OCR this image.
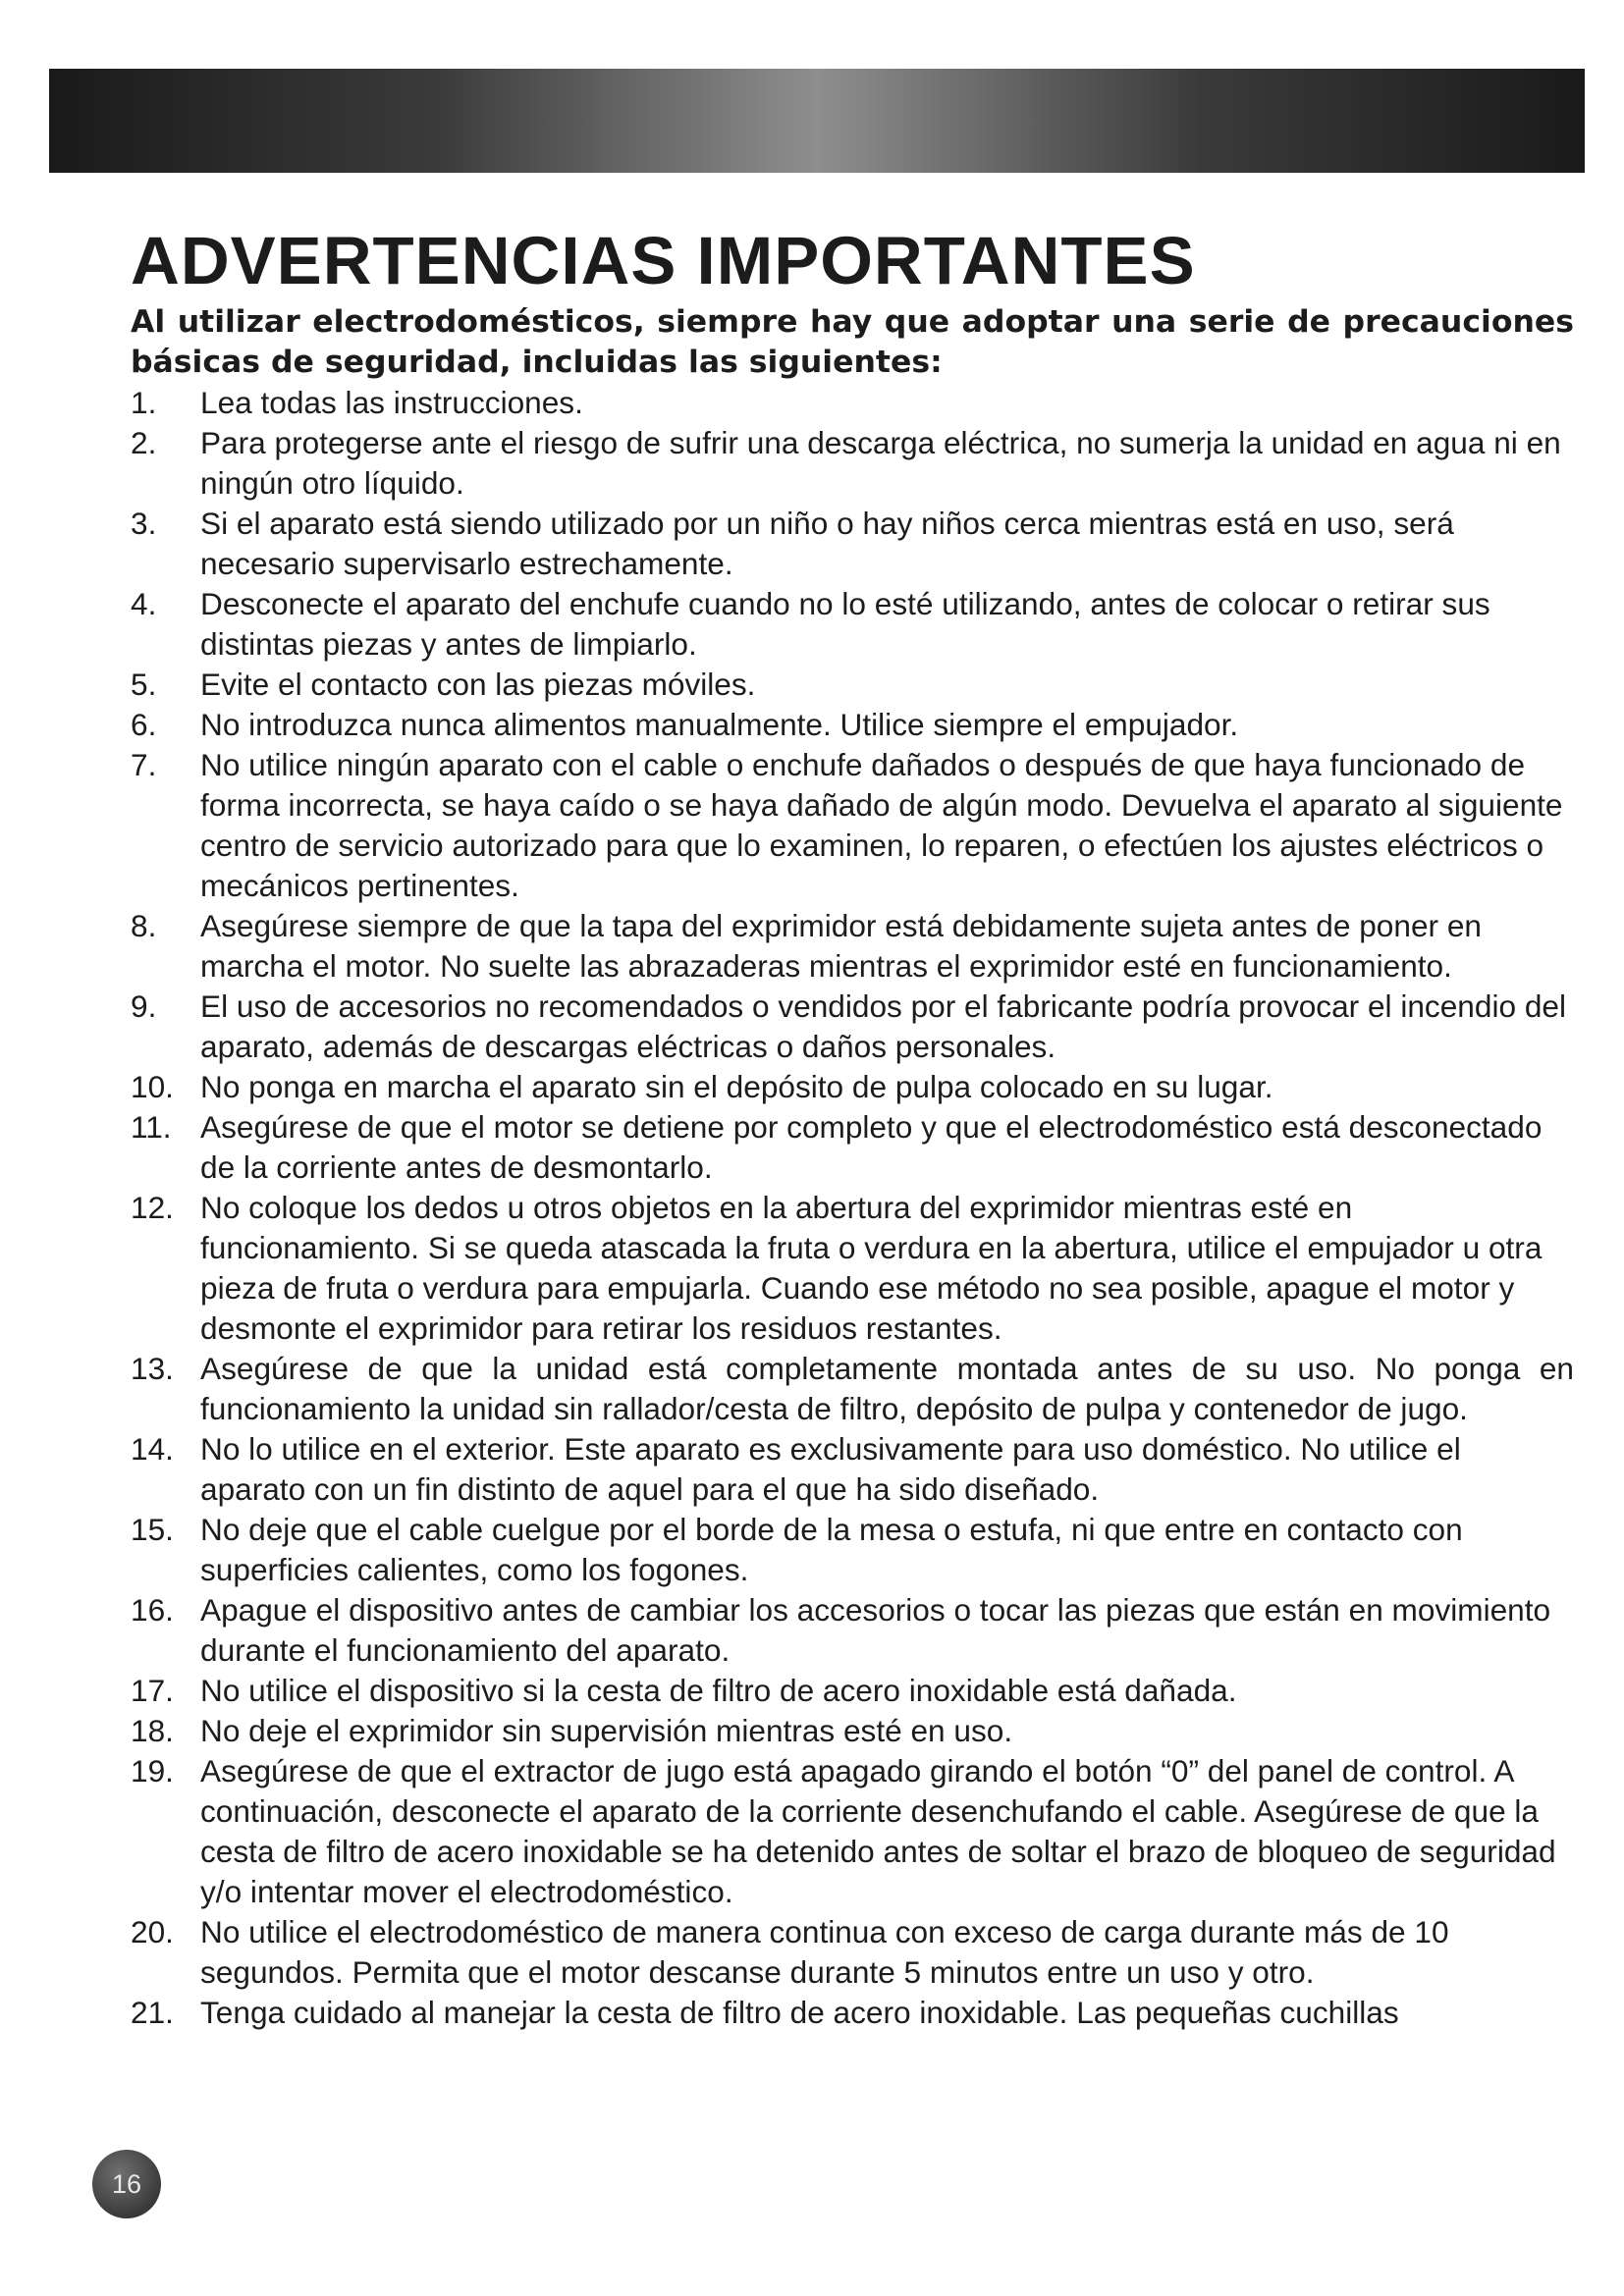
ADVERTENCIAS IMPORTANTES

Al utilizar electrodomésticos, siempre hay que adoptar una serie de precauciones básicas de seguridad, incluidas las siguientes:

1. Lea todas las instrucciones.
2. Para protegerse ante el riesgo de sufrir una descarga eléctrica, no sumerja la unidad en agua ni en ningún otro líquido.
3. Si el aparato está siendo utilizado por un niño o hay niños cerca mientras está en uso, será necesario supervisarlo estrechamente.
4. Desconecte el aparato del enchufe cuando no lo esté utilizando, antes de colocar o retirar sus distintas piezas y antes de limpiarlo.
5. Evite el contacto con las piezas móviles.
6. No introduzca nunca alimentos manualmente. Utilice siempre el empujador.
7. No utilice ningún aparato con el cable o enchufe dañados o después de que haya funcionado de forma incorrecta, se haya caído o se haya dañado de algún modo. Devuelva el aparato al siguiente centro de servicio autorizado para que lo examinen, lo reparen, o efectúen los ajustes eléctricos o mecánicos pertinentes.
8. Asegúrese siempre de que la tapa del exprimidor está debidamente sujeta antes de poner en marcha el motor. No suelte las abrazaderas mientras el exprimidor esté en funcionamiento.
9. El uso de accesorios no recomendados o vendidos por el fabricante podría provocar el incendio del aparato, además de descargas eléctricas o daños personales.
10. No ponga en marcha el aparato sin el depósito de pulpa colocado en su lugar.
11. Asegúrese de que el motor se detiene por completo y que el electrodoméstico está desconectado de la corriente antes de desmontarlo.
12. No coloque los dedos u otros objetos en la abertura del exprimidor mientras esté en funcionamiento. Si se queda atascada la fruta o verdura en la abertura, utilice el empujador u otra pieza de fruta o verdura para empujarla. Cuando ese método no sea posible, apague el motor y desmonte el exprimidor para retirar los residuos restantes.
13. Asegúrese de que la unidad está completamente montada antes de su uso. No ponga en funcionamiento la unidad sin rallador/cesta de filtro, depósito de pulpa y contenedor de jugo.
14. No lo utilice en el exterior. Este aparato es exclusivamente para uso doméstico. No utilice el aparato con un fin distinto de aquel para el que ha sido diseñado.
15. No deje que el cable cuelgue por el borde de la mesa o estufa, ni que entre en contacto con superficies calientes, como los fogones.
16. Apague el dispositivo antes de cambiar los accesorios o tocar las piezas que están en movimiento durante el funcionamiento del aparato.
17. No utilice el dispositivo si la cesta de filtro de acero inoxidable está dañada.
18. No deje el exprimidor sin supervisión mientras esté en uso.
19. Asegúrese de que el extractor de jugo está apagado girando el botón “0” del panel de control. A continuación, desconecte el aparato de la corriente desenchufando el cable. Asegúrese de que la cesta de filtro de acero inoxidable se ha detenido antes de soltar el brazo de bloqueo de seguridad y/o intentar mover el electrodoméstico.
20. No utilice el electrodoméstico de manera continua con exceso de carga durante más de 10 segundos. Permita que el motor descanse durante 5 minutos entre un uso y otro.
21. Tenga cuidado al manejar la cesta de filtro de acero inoxidable. Las pequeñas cuchillas
16
